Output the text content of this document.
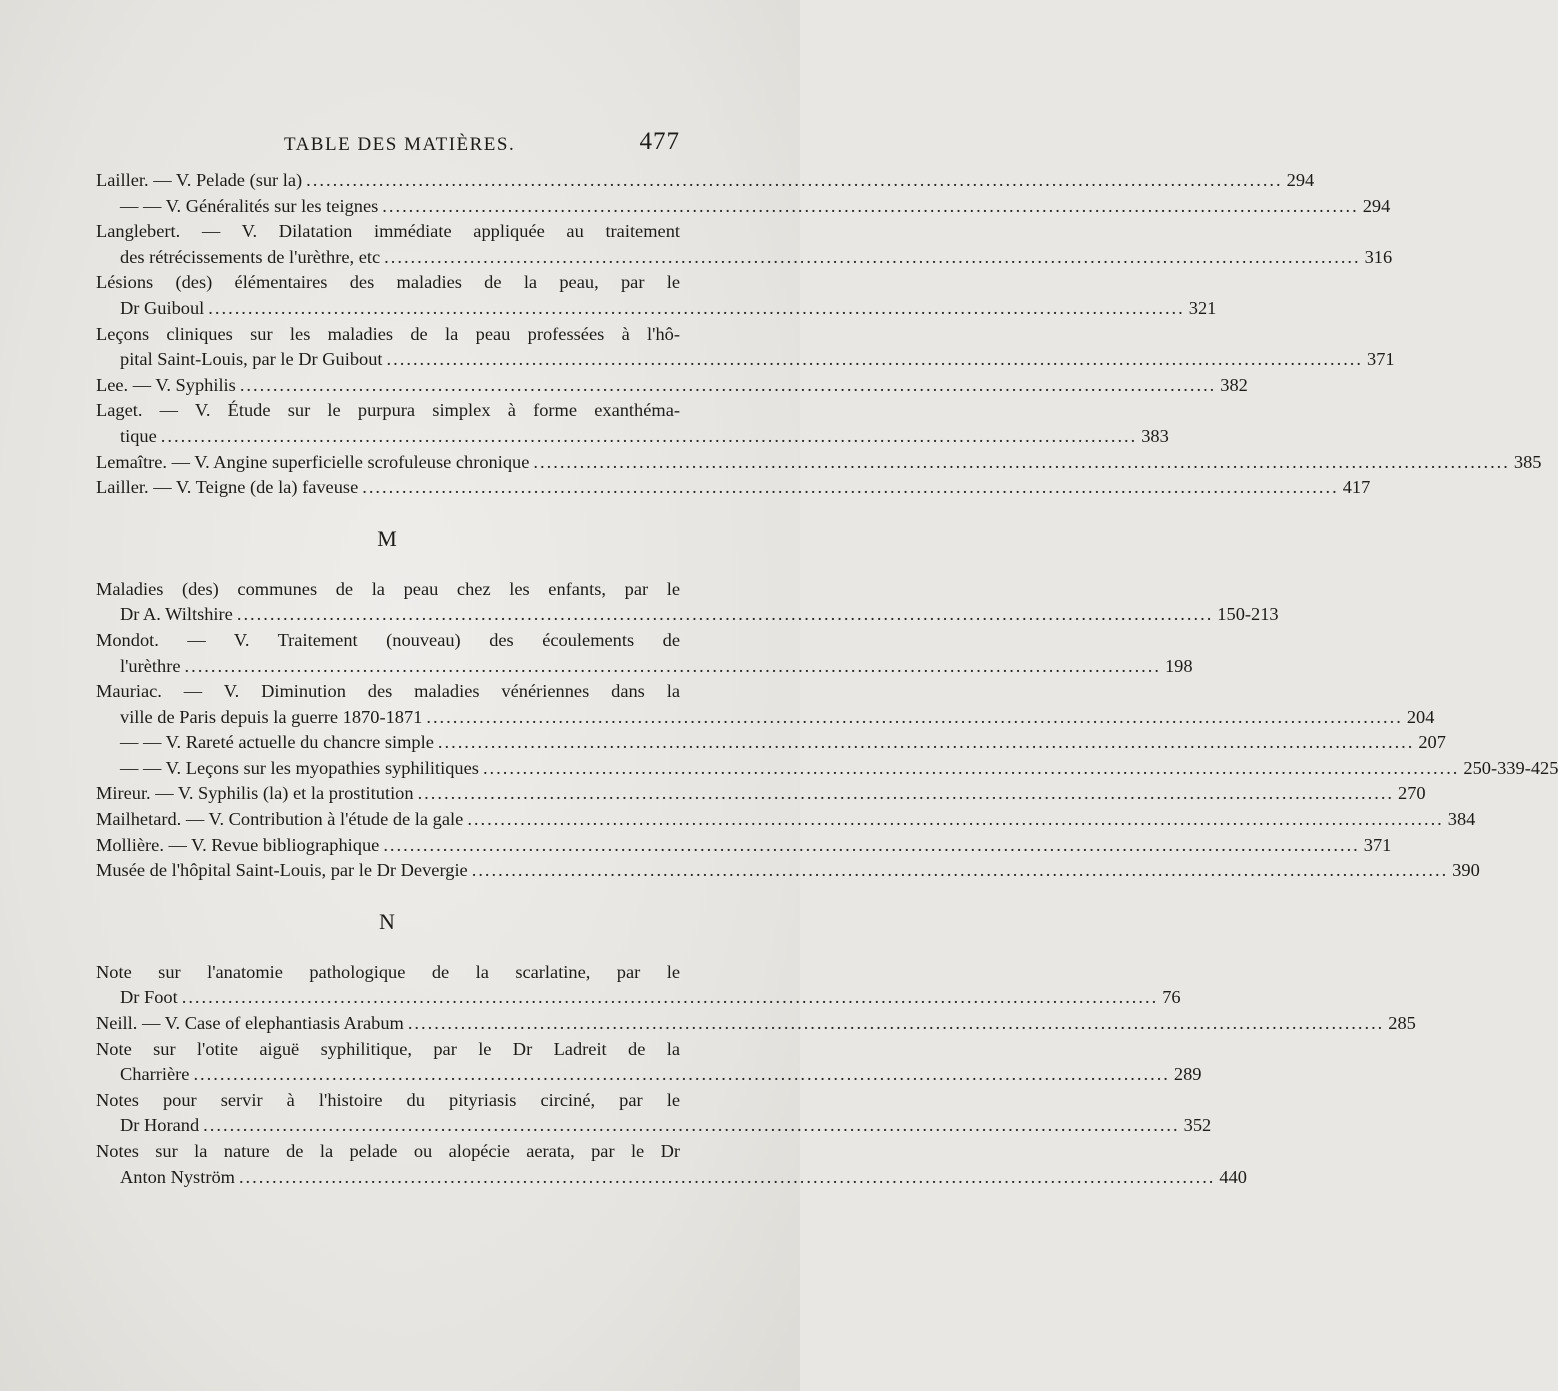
TABLE DES MATIÈRES.	477
Lailler. — V. Pelade (sur la) .....	294
— — V. Généralités sur les teignes .....	294
Langlebert. — V. Dilatation immédiate appliquée au traitement
des rétrécissements de l'urèthre, etc .....	316
Lésions (des) élémentaires des maladies de la peau, par le
Dr Guiboul .....	321
Leçons cliniques sur les maladies de la peau professées à l'hô-
pital Saint-Louis, par le Dr Guibout .....	371
Lee. — V. Syphilis .....	382
Laget. — V. Étude sur le purpura simplex à forme exanthéma-
tique .....	383
Lemaître. — V. Angine superficielle scrofuleuse chronique .....	385
Lailler. — V. Teigne (de la) faveuse .....	417
M
Maladies (des) communes de la peau chez les enfants, par le
Dr A. Wiltshire .....	150-213
Mondot. — V. Traitement (nouveau) des écoulements de
l'urèthre .....	198
Mauriac. — V. Diminution des maladies vénériennes dans la
ville de Paris depuis la guerre 1870-1871 .....	204
— — V. Rareté actuelle du chancre simple .....	207
— — V. Leçons sur les myopathies syphilitiques .....	250-339-425
Mireur. — V. Syphilis (la) et la prostitution .....	270
Mailhetard. — V. Contribution à l'étude de la gale .....	384
Mollière. — V. Revue bibliographique .....	371
Musée de l'hôpital Saint-Louis, par le Dr Devergie .....	390
N
Note sur l'anatomie pathologique de la scarlatine, par le
Dr Foot .....	76
Neill. — V. Case of elephantiasis Arabum .....	285
Note sur l'otite aiguë syphilitique, par le Dr Ladreit de la
Charrière .....	289
Notes pour servir à l'histoire du pityriasis circiné, par le
Dr Horand .....	352
Notes sur la nature de la pelade ou alopécie aerata, par le Dr
Anton Nyström .....	440
